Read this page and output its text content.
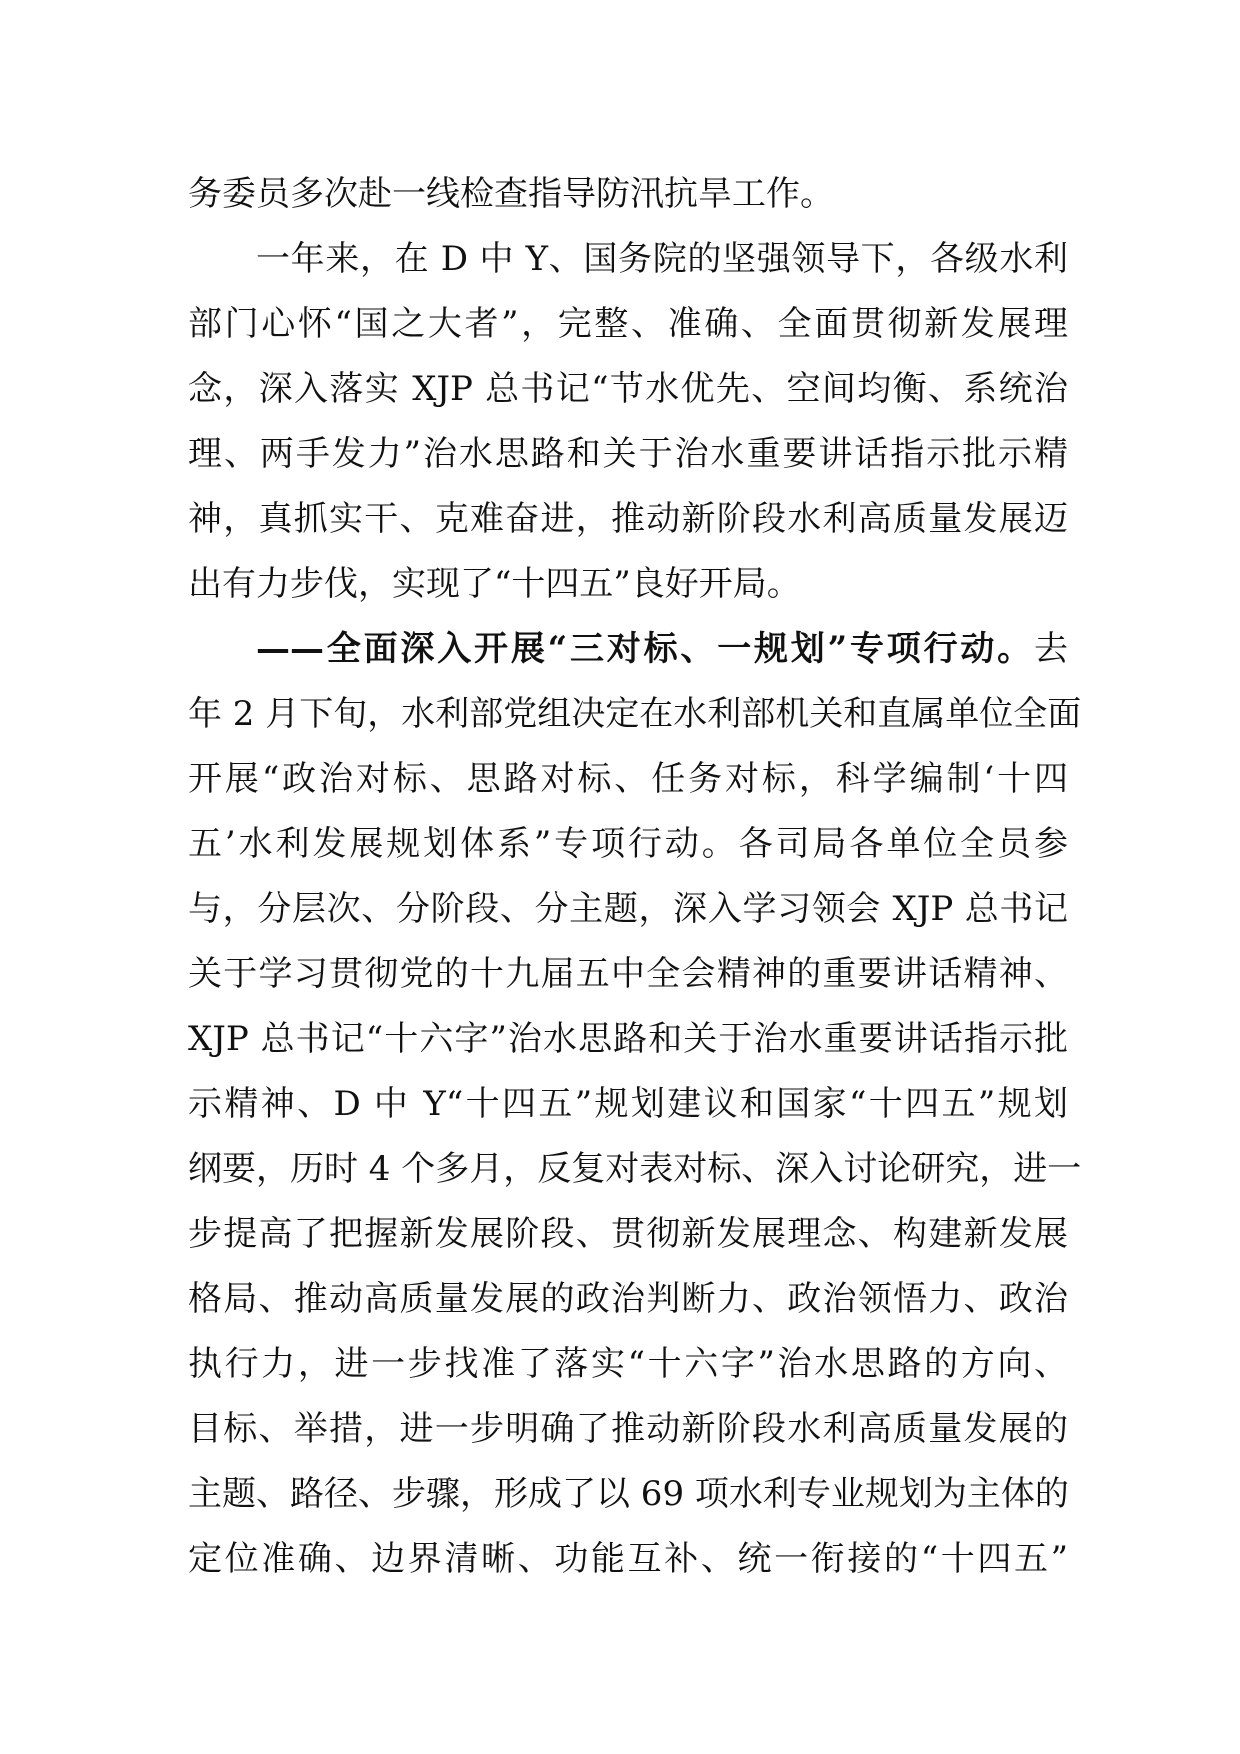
务委员多次赴一线检查指导防汛抗旱工作。
一年来，在 D 中 Y、国务院的坚强领导下，各级水利
部门心怀“国之大者”，完整、准确、全面贯彻新发展理
念，深入落实 XJP 总书记“节水优先、空间均衡、系统治
理、两手发力”治水思路和关于治水重要讲话指示批示精
神，真抓实干、克难奋进，推动新阶段水利高质量发展迈
出有力步伐，实现了“十四五”良好开局。
——全面深入开展“三对标、一规划”专项行动。去
年 2 月下旬，水利部党组决定在水利部机关和直属单位全面
开展“政治对标、思路对标、任务对标，科学编制‘十四
五’水利发展规划体系”专项行动。各司局各单位全员参
与，分层次、分阶段、分主题，深入学习领会 XJP 总书记
关于学习贯彻党的十九届五中全会精神的重要讲话精神、
XJP 总书记“十六字”治水思路和关于治水重要讲话指示批
示精神、D 中 Y“十四五”规划建议和国家“十四五”规划
纲要，历时 4 个多月，反复对表对标、深入讨论研究，进一
步提高了把握新发展阶段、贯彻新发展理念、构建新发展
格局、推动高质量发展的政治判断力、政治领悟力、政治
执行力，进一步找准了落实“十六字”治水思路的方向、
目标、举措，进一步明确了推动新阶段水利高质量发展的
主题、路径、步骤，形成了以 69 项水利专业规划为主体的
定位准确、边界清晰、功能互补、统一衔接的“十四五”
